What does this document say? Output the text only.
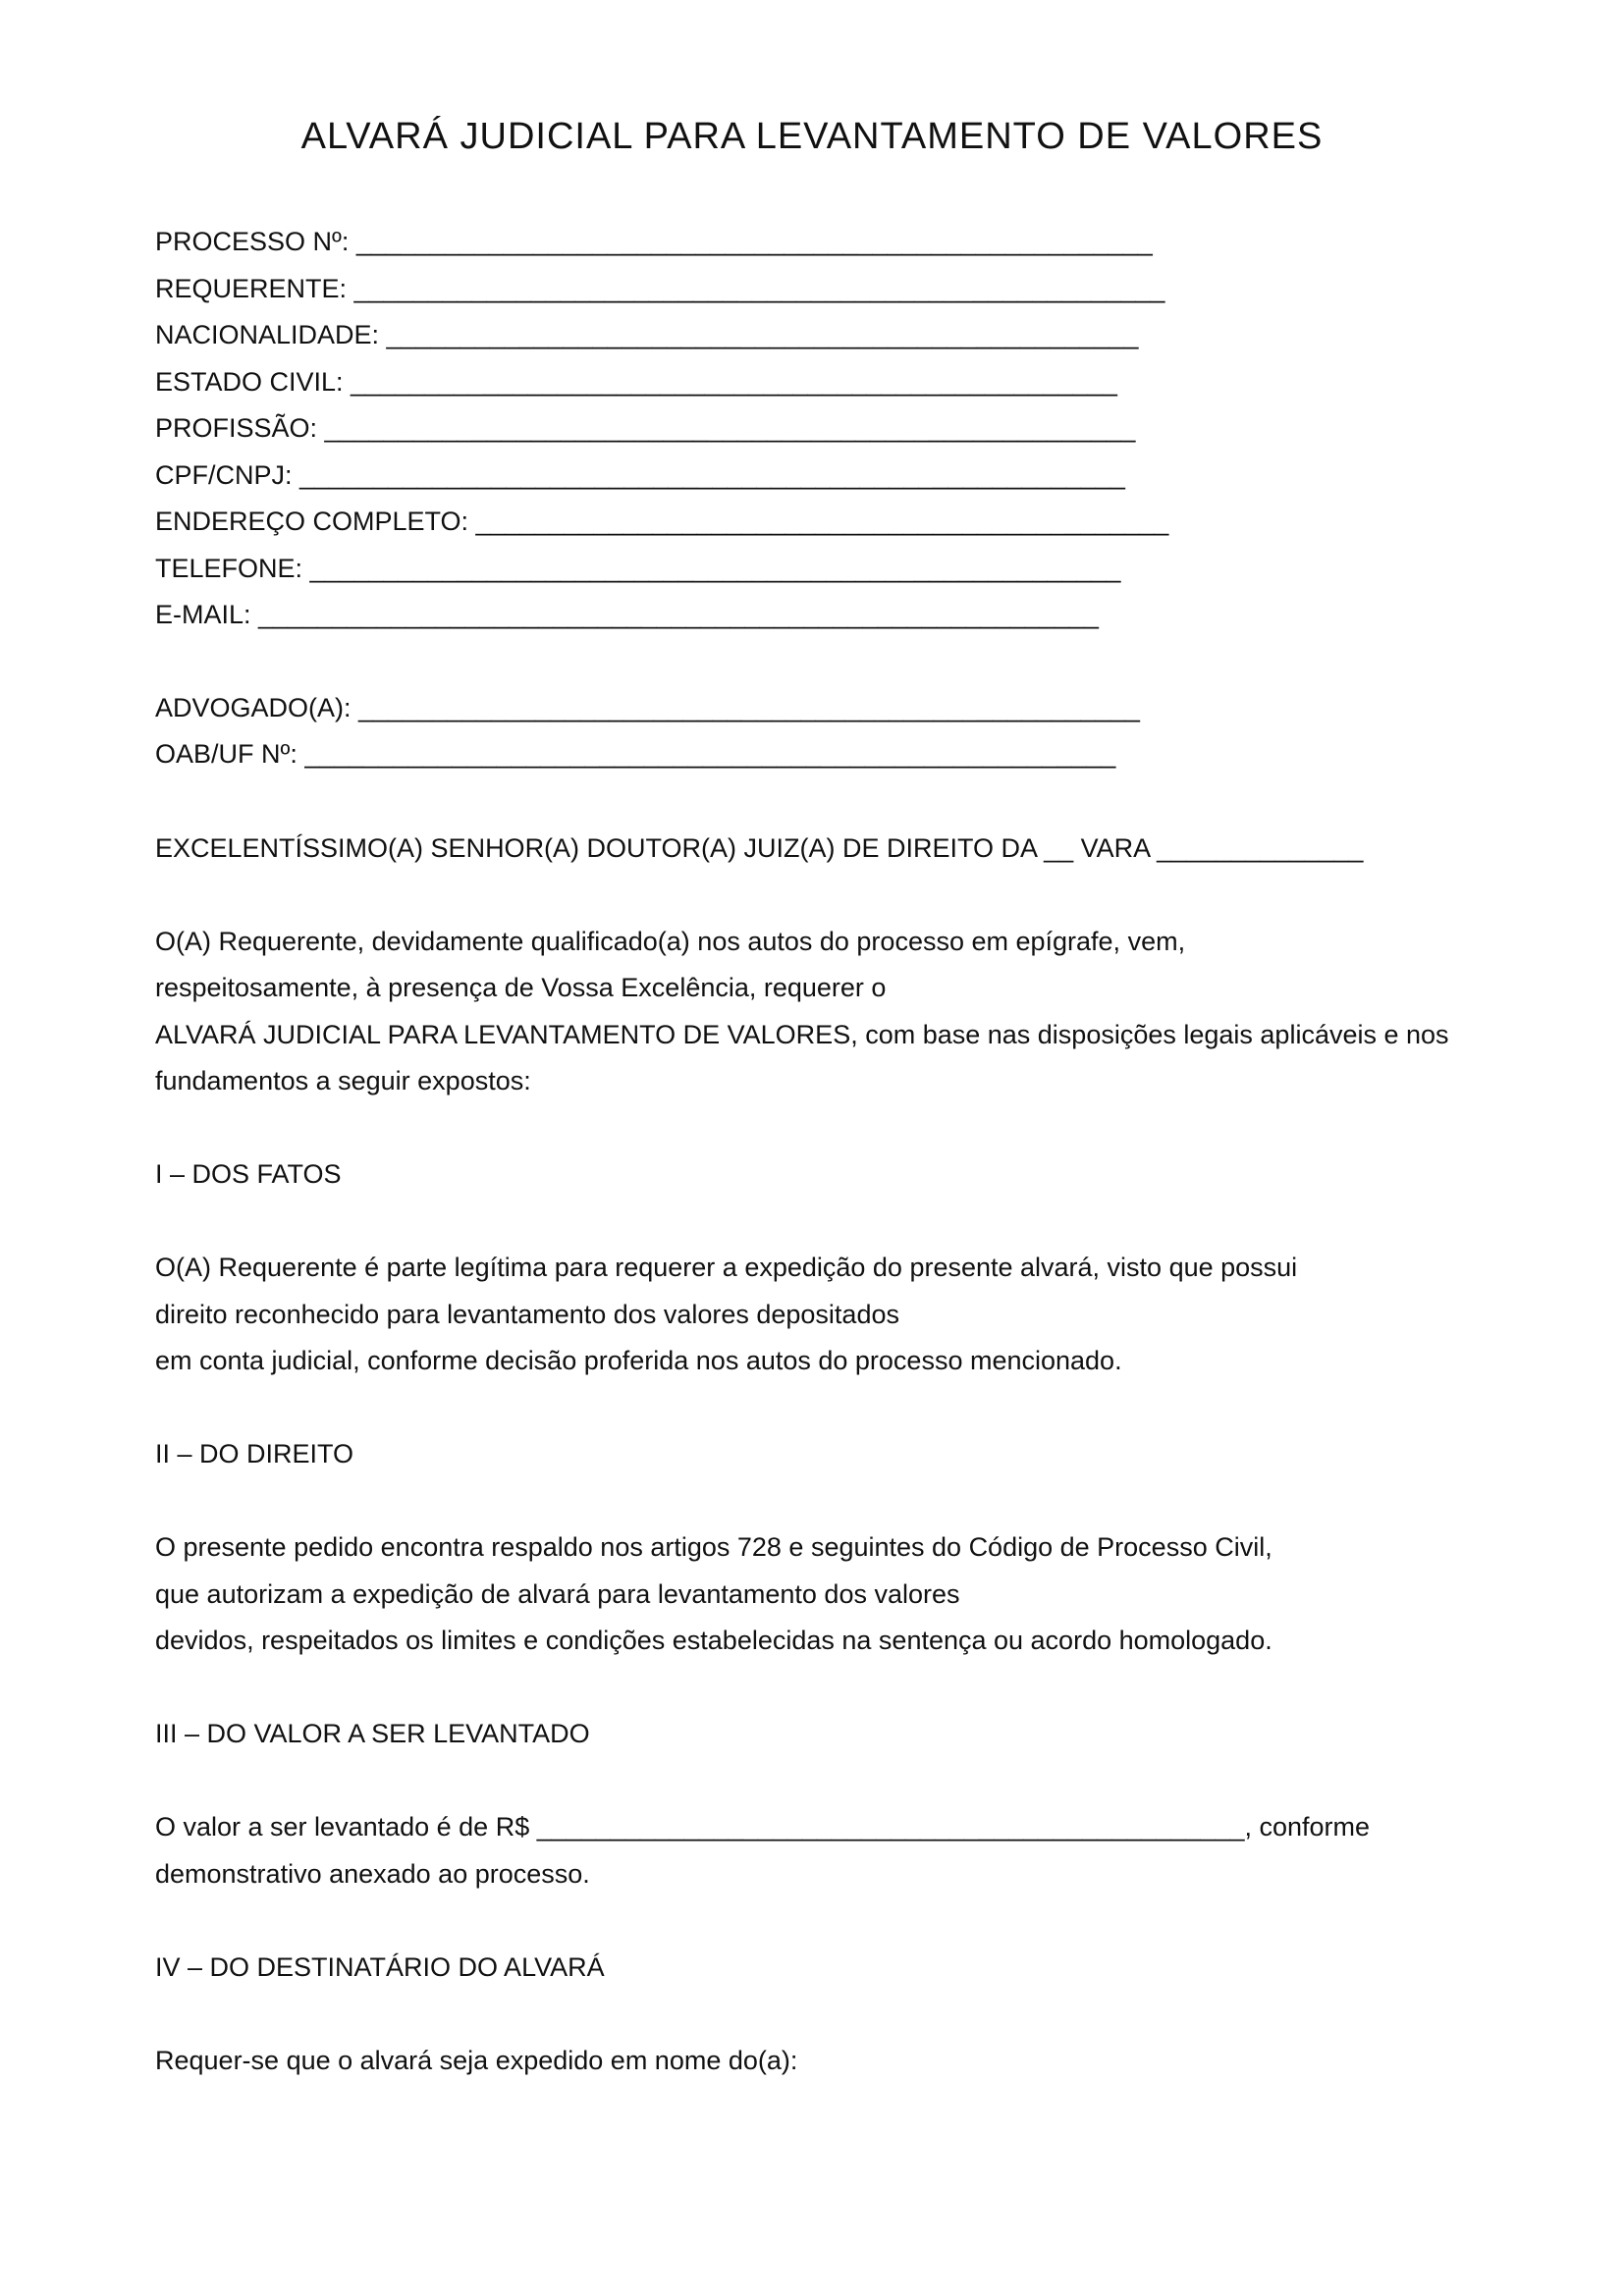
ALVARÁ JUDICIAL PARA LEVANTAMENTO DE VALORES
PROCESSO Nº: ______________________________________________________
REQUERENTE: _______________________________________________________
NACIONALIDADE: ___________________________________________________
ESTADO CIVIL: ____________________________________________________
PROFISSÃO: _______________________________________________________
CPF/CNPJ: ________________________________________________________
ENDEREÇO COMPLETO: _______________________________________________
TELEFONE: _______________________________________________________
E-MAIL: _________________________________________________________
ADVOGADO(A): _____________________________________________________
OAB/UF Nº: _______________________________________________________
EXCELENTÍSSIMO(A) SENHOR(A) DOUTOR(A) JUIZ(A) DE DIREITO DA __ VARA ______________
O(A) Requerente, devidamente qualificado(a) nos autos do processo em epígrafe, vem,
respeitosamente, à presença de Vossa Excelência, requerer o
ALVARÁ JUDICIAL PARA LEVANTAMENTO DE VALORES, com base nas disposições legais aplicáveis e nos
fundamentos a seguir expostos:
I – DOS FATOS
O(A) Requerente é parte legítima para requerer a expedição do presente alvará, visto que possui
direito reconhecido para levantamento dos valores depositados
em conta judicial, conforme decisão proferida nos autos do processo mencionado.
II – DO DIREITO
O presente pedido encontra respaldo nos artigos 728 e seguintes do Código de Processo Civil,
que autorizam a expedição de alvará para levantamento dos valores
devidos, respeitados os limites e condições estabelecidas na sentença ou acordo homologado.
III – DO VALOR A SER LEVANTADO
O valor a ser levantado é de R$ ________________________________________________, conforme
demonstrativo anexado ao processo.
IV – DO DESTINATÁRIO DO ALVARÁ
Requer-se que o alvará seja expedido em nome do(a):
